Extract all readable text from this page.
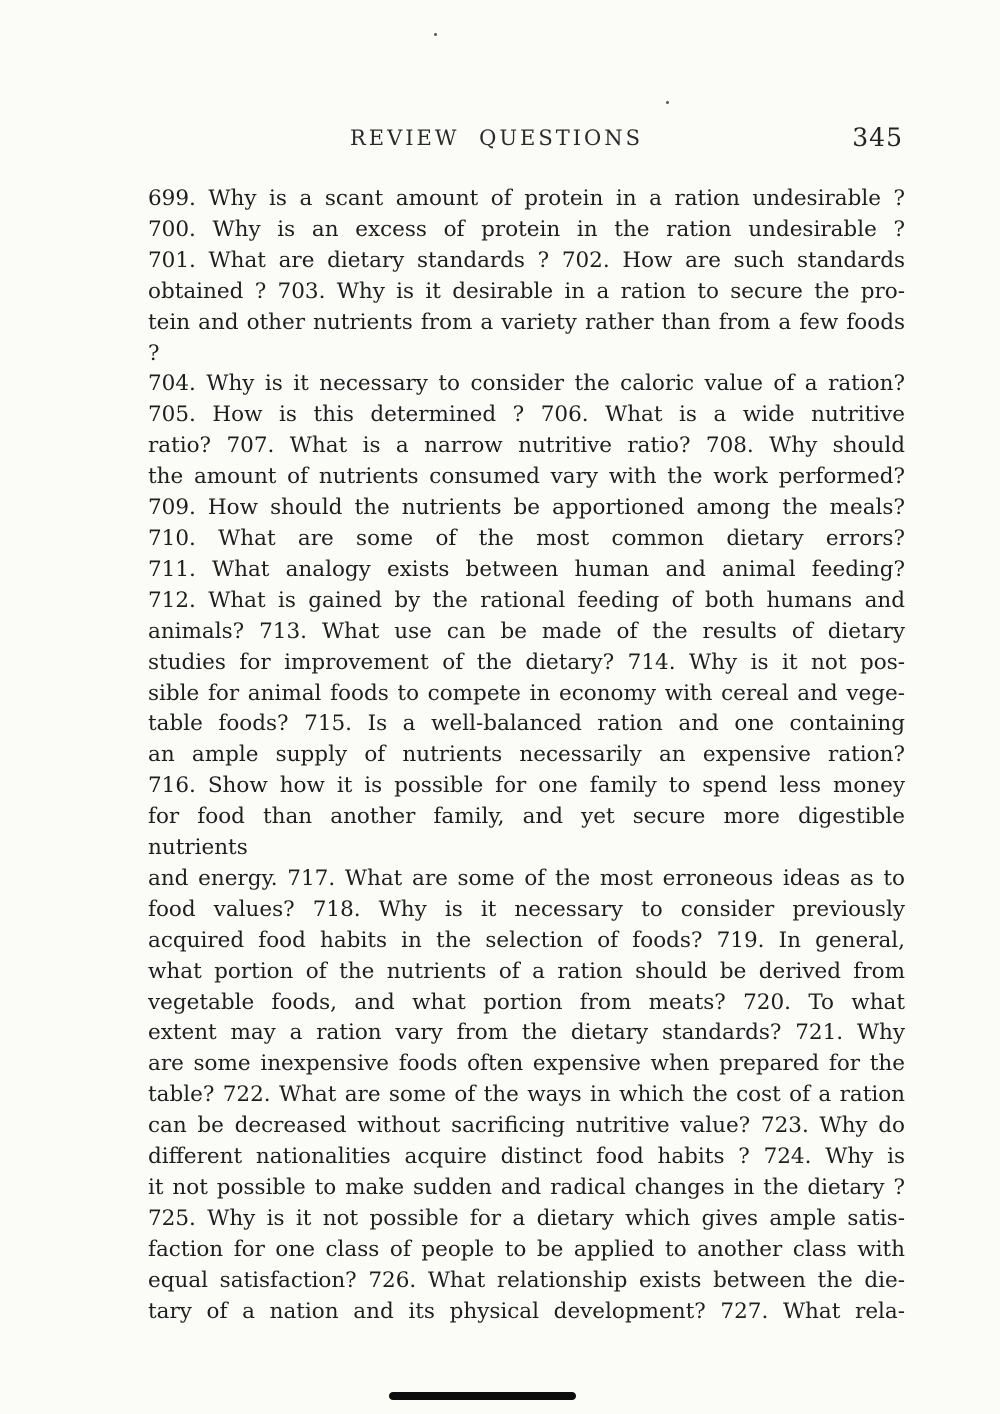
REVIEW QUESTIONS	345
699. Why is a scant amount of protein in a ration undesirable ?
700. Why is an excess of protein in the ration undesirable ?
701. What are dietary standards ? 702. How are such standards
obtained ? 703. Why is it desirable in a ration to secure the pro-
tein and other nutrients from a variety rather than from a few foods ?
704. Why is it necessary to consider the caloric value of a ration?
705. How is this determined ? 706. What is a wide nutritive
ratio? 707. What is a narrow nutritive ratio? 708. Why should
the amount of nutrients consumed vary with the work performed?
709. How should the nutrients be apportioned among the meals?
710. What are some of the most common dietary errors?
711. What analogy exists between human and animal feeding?
712. What is gained by the rational feeding of both humans and
animals? 713. What use can be made of the results of dietary
studies for improvement of the dietary? 714. Why is it not pos-
sible for animal foods to compete in economy with cereal and vege-
table foods? 715. Is a well-balanced ration and one containing
an ample supply of nutrients necessarily an expensive ration?
716. Show how it is possible for one family to spend less money
for food than another family, and yet secure more digestible nutrients
and energy. 717. What are some of the most erroneous ideas as to
food values? 718. Why is it necessary to consider previously
acquired food habits in the selection of foods? 719. In general,
what portion of the nutrients of a ration should be derived from
vegetable foods, and what portion from meats? 720. To what
extent may a ration vary from the dietary standards? 721. Why
are some inexpensive foods often expensive when prepared for the
table? 722. What are some of the ways in which the cost of a ration
can be decreased without sacrificing nutritive value? 723. Why do
different nationalities acquire distinct food habits ? 724. Why is
it not possible to make sudden and radical changes in the dietary ?
725. Why is it not possible for a dietary which gives ample satis-
faction for one class of people to be applied to another class with
equal satisfaction? 726. What relationship exists between the die-
tary of a nation and its physical development? 727. What rela-
